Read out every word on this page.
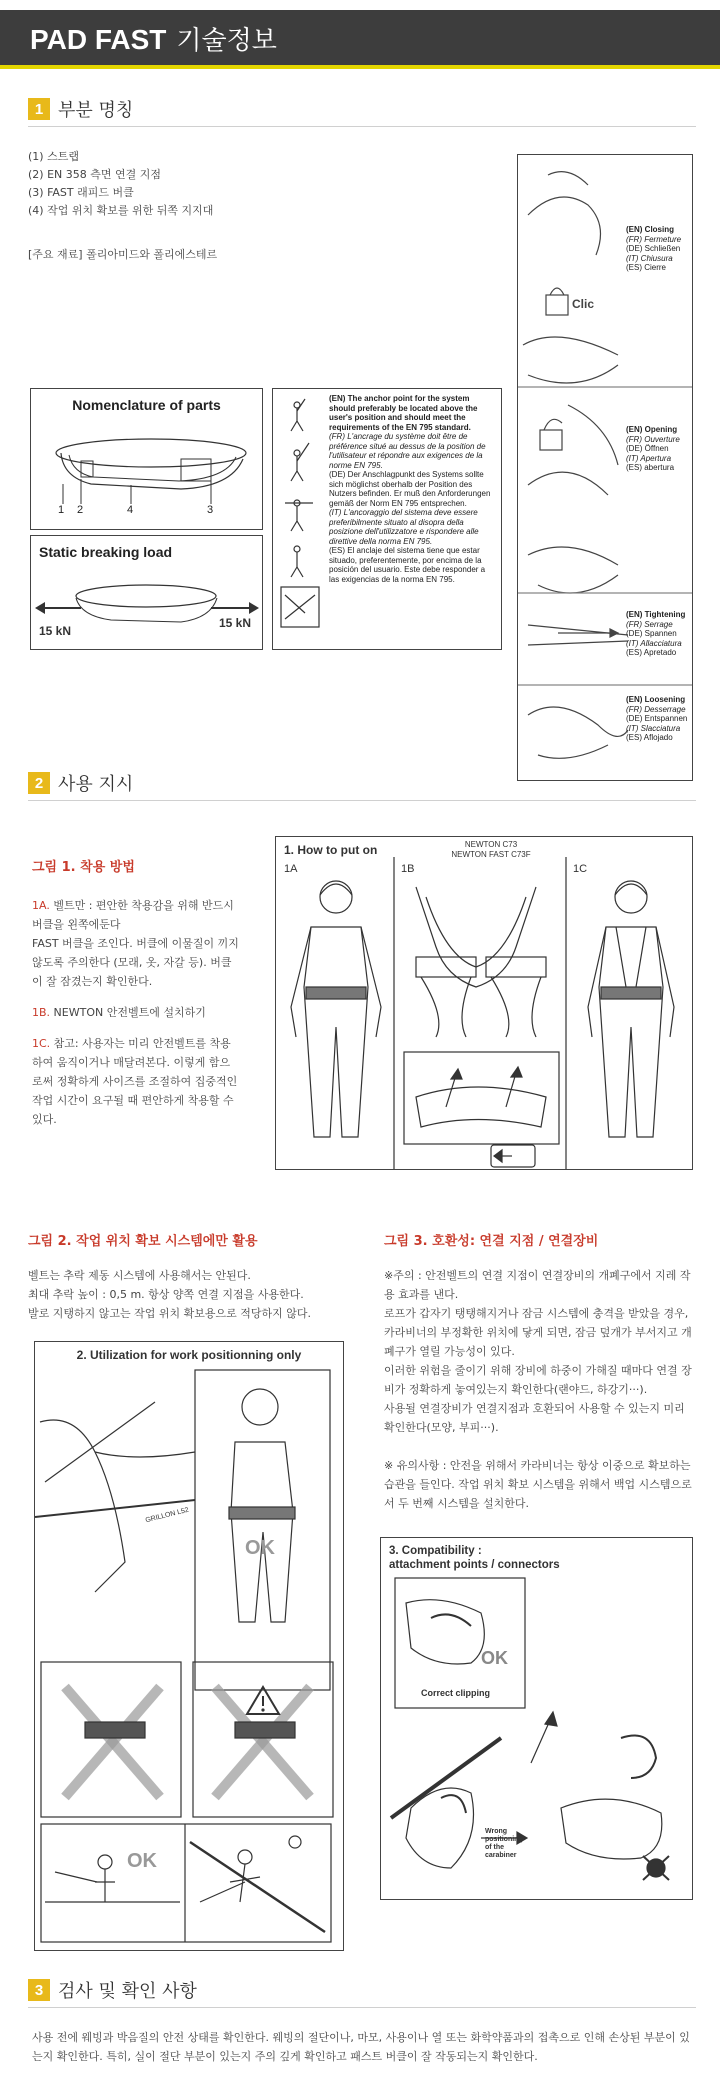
PAD FAST 기술정보
1 부분 명칭
(1) 스트랩
(2) EN 358 측면 연결 지점
(3) FAST 래피드 버클
(4) 작업 위치 확보를 위한 뒤쪽 지지대
[주요 재료] 폴리아미드와 폴리에스테르
Nomenclature of parts
1 2	4	3
Static breaking load
15 kN
15 kN
(EN) The anchor point for the system should preferably be located above the user's position and should meet the requirements of the EN 795 standard.
(FR) L'ancrage du système doit être de préférence situé au dessus de la position de l'utilisateur et répondre aux exigences de la norme EN 795.
(DE) Der Anschlagpunkt des Systems sollte sich möglichst oberhalb der Position des Nutzers befinden. Er muß den Anforderungen gemäß der Norm EN 795 entsprechen.
(IT) L'ancoraggio del sistema deve essere preferibilmente situato al disopra della posizione dell'utilizzatore e rispondere alle direttive della norma EN 795.
(ES) El anclaje del sistema tiene que estar situado, preferentemente, por encima de la posición del usuario. Este debe responder a las exigencias de la norma EN 795.
(EN) Closing
(FR) Fermeture
(DE) Schließen
(IT) Chiusura
(ES) Cierre
Clic
(EN) Opening
(FR) Ouverture
(DE) Öffnen
(IT) Apertura
(ES) abertura
(EN) Tightening
(FR) Serrage
(DE) Spannen
(IT) Allacciatura
(ES) Apretado
(EN) Loosening
(FR) Desserrage
(DE) Entspannen
(IT) Slacciatura
(ES) Aflojado
2 사용 지시
그림 1. 착용 방법
1A. 벨트만 : 편안한 착용감을 위해 반드시 버클을 왼쪽에둔다
FAST 버클을 조인다. 버클에 이물질이 끼지 않도록 주의한다 (모래, 옷, 자갈 등). 버클이 잘 잠겼는지 확인한다.
1B. NEWTON 안전벨트에 설치하기
1C. 참고: 사용자는 미리 안전벨트를 착용하여 움직이거나 매달려본다. 이렇게 함으로써 정확하게 사이즈를 조절하여 집중적인 작업 시간이 요구될 때 편안하게 착용할 수 있다.
1. How to put on
1A	1B	1C
NEWTON C73
NEWTON FAST C73F
그림 2. 작업 위치 확보 시스템에만 활용
벨트는 추락 제동 시스템에 사용해서는 안된다.
최대 추락 높이 : 0,5 m. 항상 양쪽 연결 지점을 사용한다.
발로 지탱하지 않고는 작업 위치 확보용으로 적당하지 않다.
2. Utilization for work positionning only
GRILLON L52
OK
OK
그림 3. 호환성: 연결 지점 / 연결장비
※주의 : 안전벨트의 연결 지점이 연결장비의 개폐구에서 지레 작용 효과를 낸다.
로프가 갑자기 탱탱해지거나 잠금 시스템에 충격을 받았을 경우, 카라비너의 부정확한 위치에 닿게 되면, 잠금 덮개가 부서지고 개폐구가 열릴 가능성이 있다.
이러한 위험을 줄이기 위해 장비에 하중이 가해질 때마다 연결 장비가 정확하게 놓여있는지 확인한다(랜야드, 하강기···).
사용될 연결장비가 연결지점과 호환되어 사용할 수 있는지 미리 확인한다(모양, 부피···).
※ 유의사항 : 안전을 위해서 카라비너는 항상 이중으로 확보하는 습관을 들인다. 작업 위치 확보 시스템을 위해서 백업 시스템으로서 두 번째 시스템을 설치한다.
3. Compatibility :
attachment points / connectors
OK
Correct clipping
Wrong positioning of the carabiner
3 검사 및 확인 사항
사용 전에 웨빙과 박음질의 안전 상태를 확인한다. 웨빙의 절단이나, 마모, 사용이나 열 또는 화학약품과의 접촉으로 인해 손상된 부분이 있는지 확인한다. 특히, 실이 절단 부분이 있는지 주의 깊게 확인하고 패스트 버클이 잘 작동되는지 확인한다.
